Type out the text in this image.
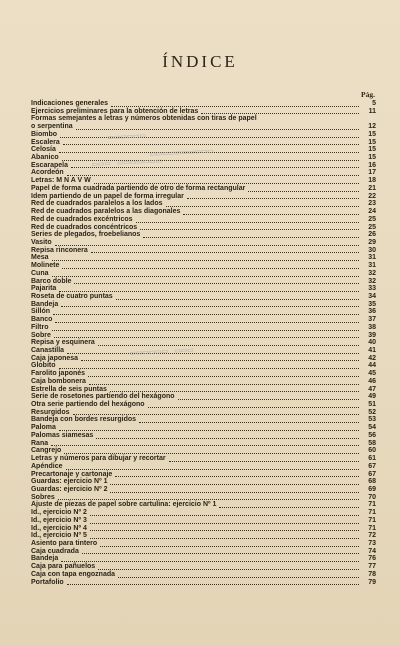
ÍNDICE
Pág.
Indicaciones generales	5
Ejercicios preliminares para la obtención de letras	11
Formas semejantes a letras y números obtenidas con tiras de papel
o serpentina	12
Biombo	15
Escalera	15
Celosía	15
Abanico	15
Escarapela	16
Acordeón	17
Letras: M N A V W	18
Papel de forma cuadrada partiendo de otro de forma rectangular	21
Idem partiendo de un papel de forma irregular	22
Red de cuadrados paralelos a los lados	23
Red de cuadrados paralelos a las diagonales	24
Red de cuadrados excéntricos	25
Red de cuadrados concéntricos	25
Series de plegados, froebelianos	26
Vasito	29
Repisa rinconera	30
Mesa	31
Molinete	31
Cuna	32
Barco doble	32
Pajarita	33
Roseta de cuatro puntas	34
Bandeja	35
Sillón	36
Banco	37
Filtro	38
Sobre	39
Repisa y esquinera	40
Canastilla	41
Caja japonesa	42
Globito	44
Farolito japonés	45
Caja bombonera	46
Estrella de seis puntas	47
Serie de rosetones partiendo del hexágono	49
Otra serie partiendo del hexágono	51
Resurgidos	52
Bandeja con bordes resurgidos	53
Paloma	54
Palomas siamesas	56
Rana	58
Cangrejo	60
Letras y números para dibujar y recortar	61
Apéndice	67
Precartonaje y cartonaje	67
Guardas: ejercicio Nº 1	68
Guardas: ejercicio Nº 2	69
Sobres	70
Ajuste de piezas de papel sobre cartulina: ejercicio Nº 1	71
Id., ejercicio Nº 2	71
Id., ejercicio Nº 3	71
Id., ejercicio Nº 4	71
Id., ejercicio Nº 5	72
Asiento para tintero	73
Caja cuadrada	74
Bandeja	76
Caja para pañuelos	77
Caja con tapa engoznada	78
Portafolio	79
▭▭▭▭▭▭
▭▭▭▭▭▭▭▭▭▭
▭▭▭ ▭▭▭▭▭▭▭
▭▭▭▭▭▭ ▭▭▭
